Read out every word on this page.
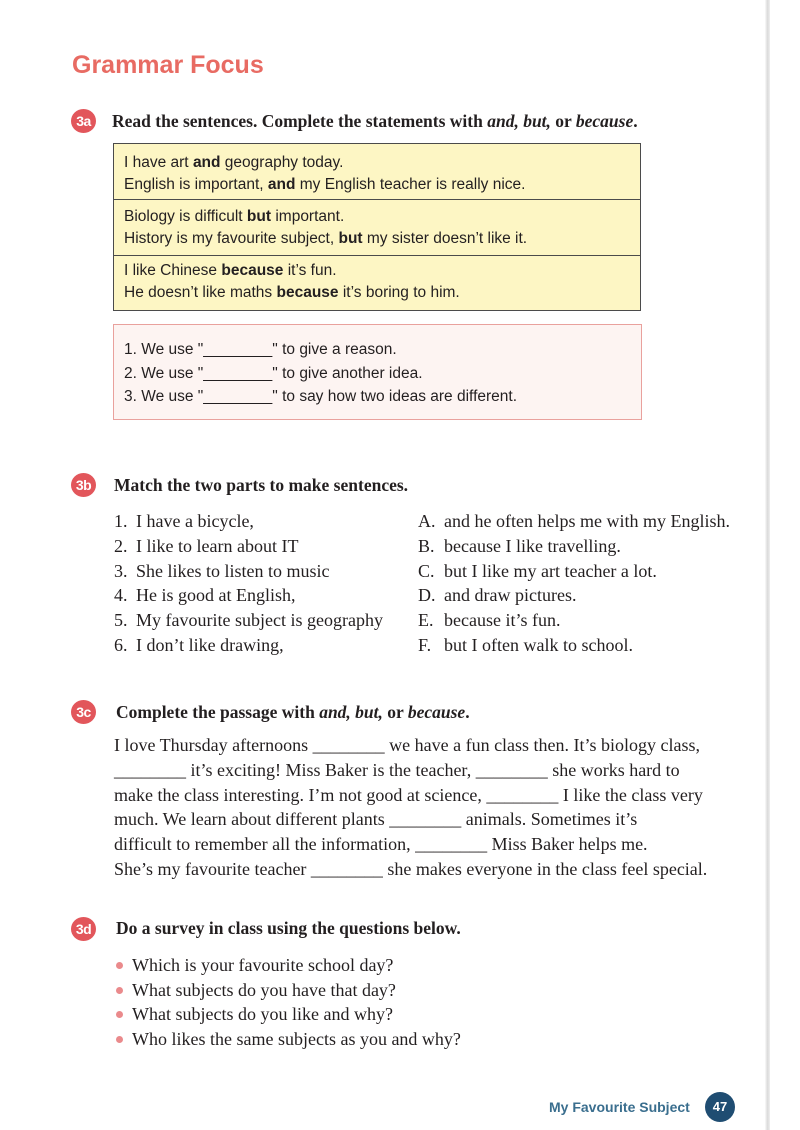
Grammar Focus
3a Read the sentences. Complete the statements with and, but, or because.
I have art and geography today.
English is important, and my English teacher is really nice.
Biology is difficult but important.
History is my favourite subject, but my sister doesn’t like it.
I like Chinese because it’s fun.
He doesn’t like maths because it’s boring to him.
1. We use "________" to give a reason.
2. We use "________" to give another idea.
3. We use "________" to say how two ideas are different.
3b Match the two parts to make sentences.
1. I have a bicycle,
2. I like to learn about IT
3. She likes to listen to music
4. He is good at English,
5. My favourite subject is geography
6. I don’t like drawing,
A. and he often helps me with my English.
B. because I like travelling.
C. but I like my art teacher a lot.
D. and draw pictures.
E. because it’s fun.
F. but I often walk to school.
3c Complete the passage with and, but, or because.
I love Thursday afternoons ________ we have a fun class then. It’s biology class,
________ it’s exciting! Miss Baker is the teacher, ________ she works hard to
make the class interesting. I’m not good at science, ________ I like the class very
much. We learn about different plants ________ animals. Sometimes it’s
difficult to remember all the information, ________ Miss Baker helps me.
She’s my favourite teacher ________ she makes everyone in the class feel special.
3d Do a survey in class using the questions below.
Which is your favourite school day?
What subjects do you have that day?
What subjects do you like and why?
Who likes the same subjects as you and why?
My Favourite Subject	47
